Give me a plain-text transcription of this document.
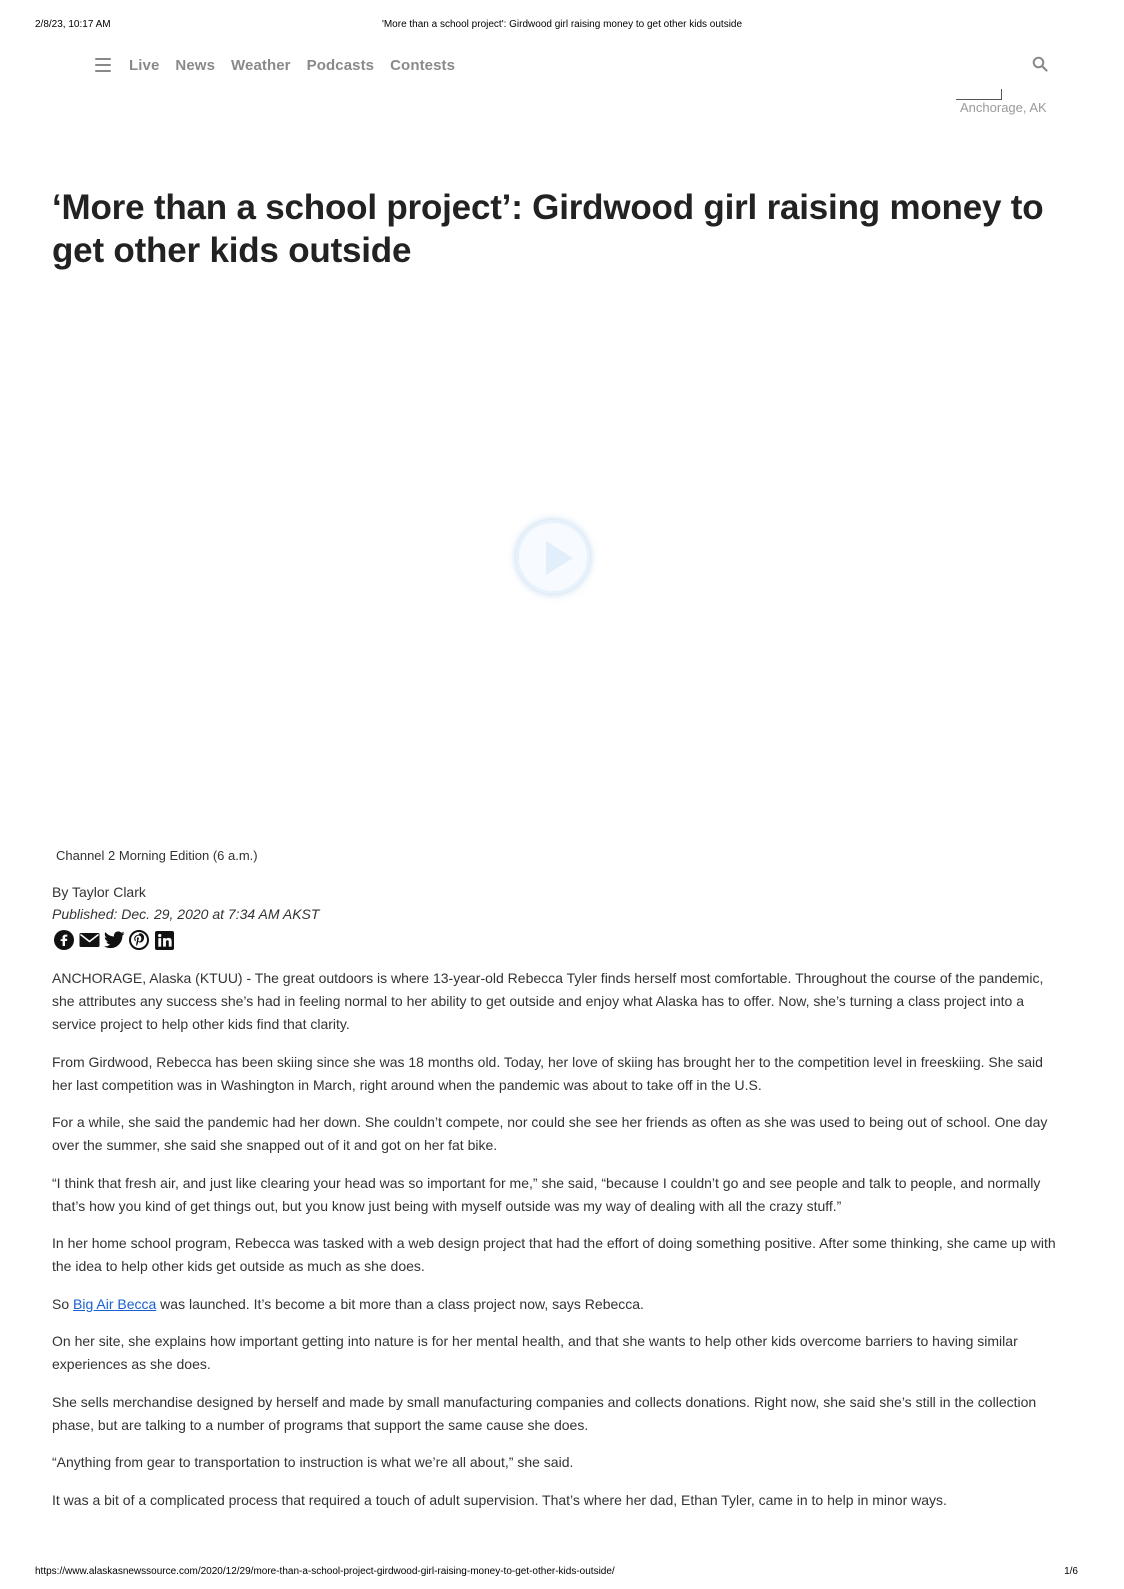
2/8/23, 10:17 AM	'More than a school project': Girdwood girl raising money to get other kids outside
Live News Weather Podcasts Contests
Anchorage, AK
‘More than a school project’: Girdwood girl raising money to get other kids outside
Channel 2 Morning Edition (6 a.m.)
By Taylor Clark
Published: Dec. 29, 2020 at 7:34 AM AKST

ANCHORAGE, Alaska (KTUU) - The great outdoors is where 13-year-old Rebecca Tyler finds herself most comfortable. Throughout the course of the pandemic, she attributes any success she’s had in feeling normal to her ability to get outside and enjoy what Alaska has to offer. Now, she’s turning a class project into a service project to help other kids find that clarity.

From Girdwood, Rebecca has been skiing since she was 18 months old. Today, her love of skiing has brought her to the competition level in freeskiing. She said her last competition was in Washington in March, right around when the pandemic was about to take off in the U.S.

For a while, she said the pandemic had her down. She couldn’t compete, nor could she see her friends as often as she was used to being out of school. One day over the summer, she said she snapped out of it and got on her fat bike.

“I think that fresh air, and just like clearing your head was so important for me,” she said, “because I couldn’t go and see people and talk to people, and normally that’s how you kind of get things out, but you know just being with myself outside was my way of dealing with all the crazy stuff.”

In her home school program, Rebecca was tasked with a web design project that had the effort of doing something positive. After some thinking, she came up with the idea to help other kids get outside as much as she does.

So Big Air Becca was launched. It’s become a bit more than a class project now, says Rebecca.

On her site, she explains how important getting into nature is for her mental health, and that she wants to help other kids overcome barriers to having similar experiences as she does.

She sells merchandise designed by herself and made by small manufacturing companies and collects donations. Right now, she said she’s still in the collection phase, but are talking to a number of programs that support the same cause she does.

“Anything from gear to transportation to instruction is what we’re all about,” she said.

It was a bit of a complicated process that required a touch of adult supervision. That’s where her dad, Ethan Tyler, came in to help in minor ways.

https://www.alaskasnewssource.com/2020/12/29/more-than-a-school-project-girdwood-girl-raising-money-to-get-other-kids-outside/	1/6
